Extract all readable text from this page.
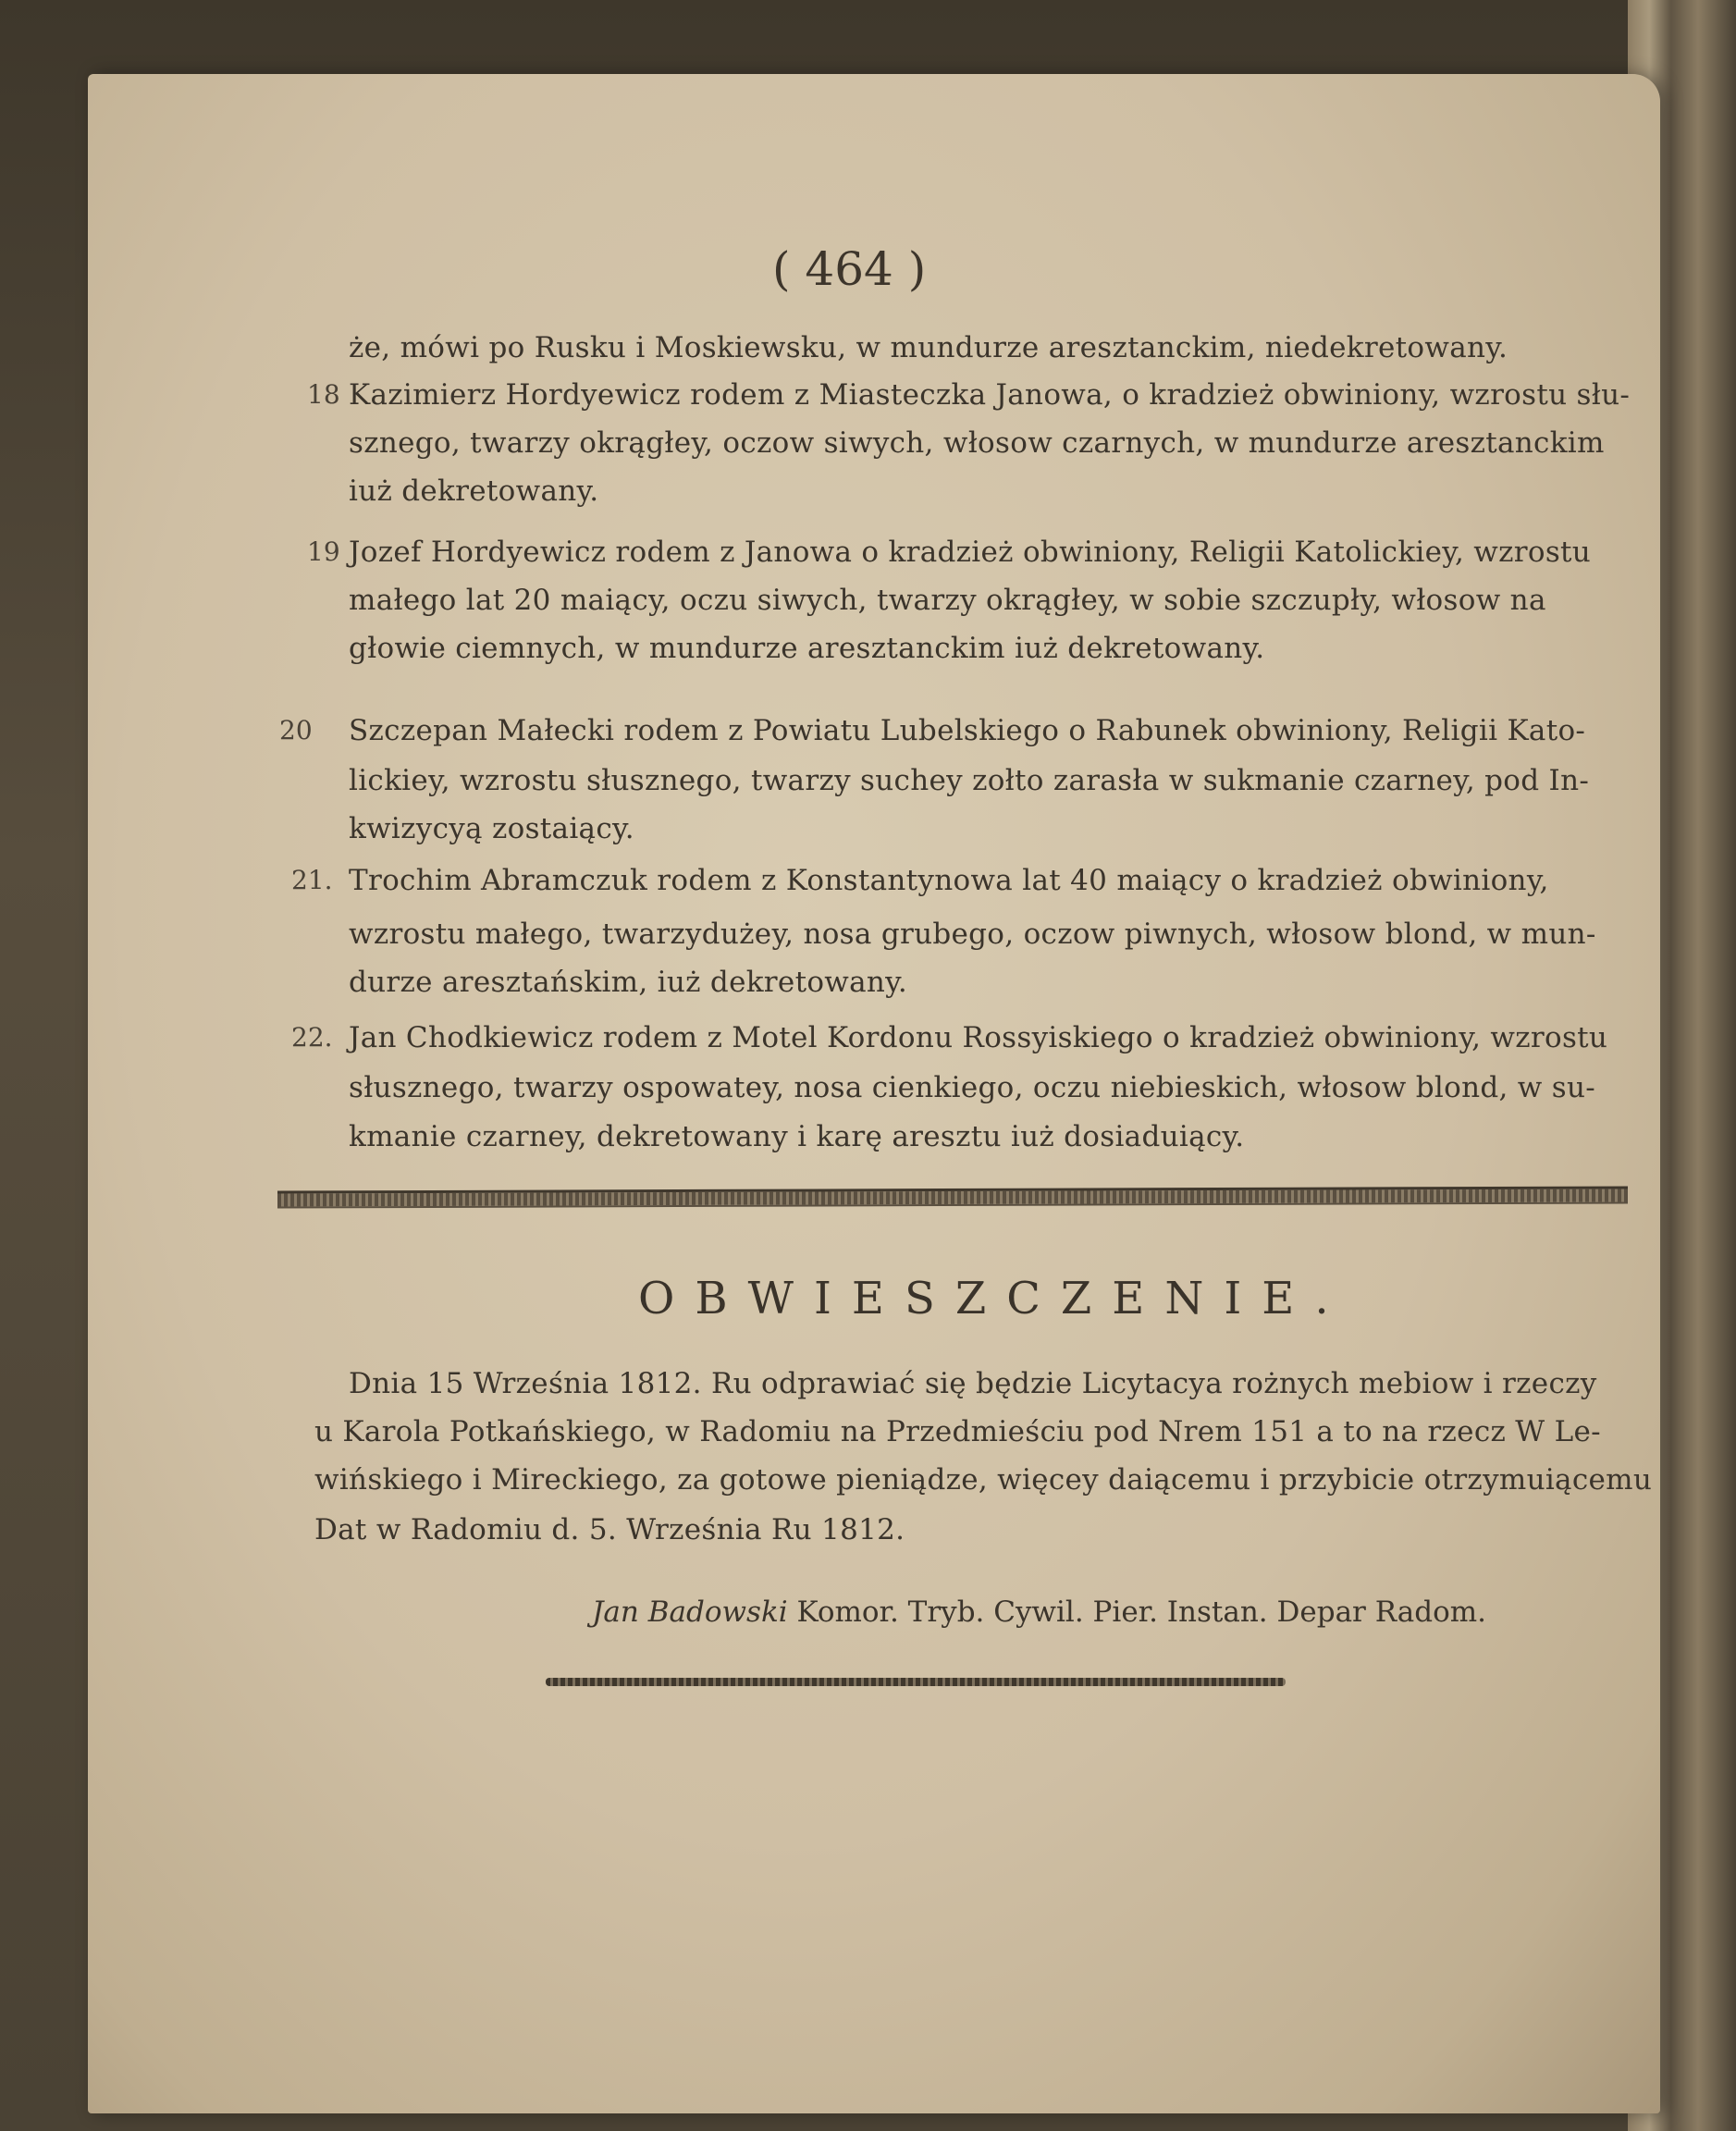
( 464 )
że, mówi po Rusku i Moskiewsku, w mundurze aresztanckim, niedekretowany.
18 Kazimierz Hordyewicz rodem z Miasteczka Janowa, o kradzież obwiniony, wzrostu słu-
sznego, twarzy okrągłey, oczow siwych, włosow czarnych, w mundurze aresztanckim
iuż dekretowany.
19 Jozef Hordyewicz rodem z Janowa o kradzież obwiniony, Religii Katolickiey, wzrostu
małego lat 20 maiący, oczu siwych, twarzy okrągłey, w sobie szczupły, włosow na
głowie ciemnych, w mundurze aresztanckim iuż dekretowany.
20 Szczepan Małecki rodem z Powiatu Lubelskiego o Rabunek obwiniony, Religii Kato-
lickiey, wzrostu słusznego, twarzy suchey zołto zarasła w sukmanie czarney, pod In-
kwizycyą zostaiący.
21. Trochim Abramczuk rodem z Konstantynowa lat 40 maiący o kradzież obwiniony,
wzrostu małego, twarzydużey, nosa grubego, oczow piwnych, włosow blond, w mun-
durze aresztańskim, iuż dekretowany.
22. Jan Chodkiewicz rodem z Motel Kordonu Rossyiskiego o kradzież obwiniony, wzrostu
słusznego, twarzy ospowatey, nosa cienkiego, oczu niebieskich, włosow blond, w su-
kmanie czarney, dekretowany i karę aresztu iuż dosiaduiący.
OBWIESZCZENIE.
Dnia 15 Września 1812. Ru odprawiać się będzie Licytacya rożnych mebiow i rzeczy
u Karola Potkańskiego, w Radomiu na Przedmieściu pod Nrem 151 a to na rzecz W Le-
wińskiego i Mireckiego, za gotowe pieniądze, więcey daiącemu i przybicie otrzymuiącemu
Dat w Radomiu d. 5. Września Ru 1812.
Jan Badowski Komor. Tryb. Cywil. Pier. Instan. Depar Radom.
